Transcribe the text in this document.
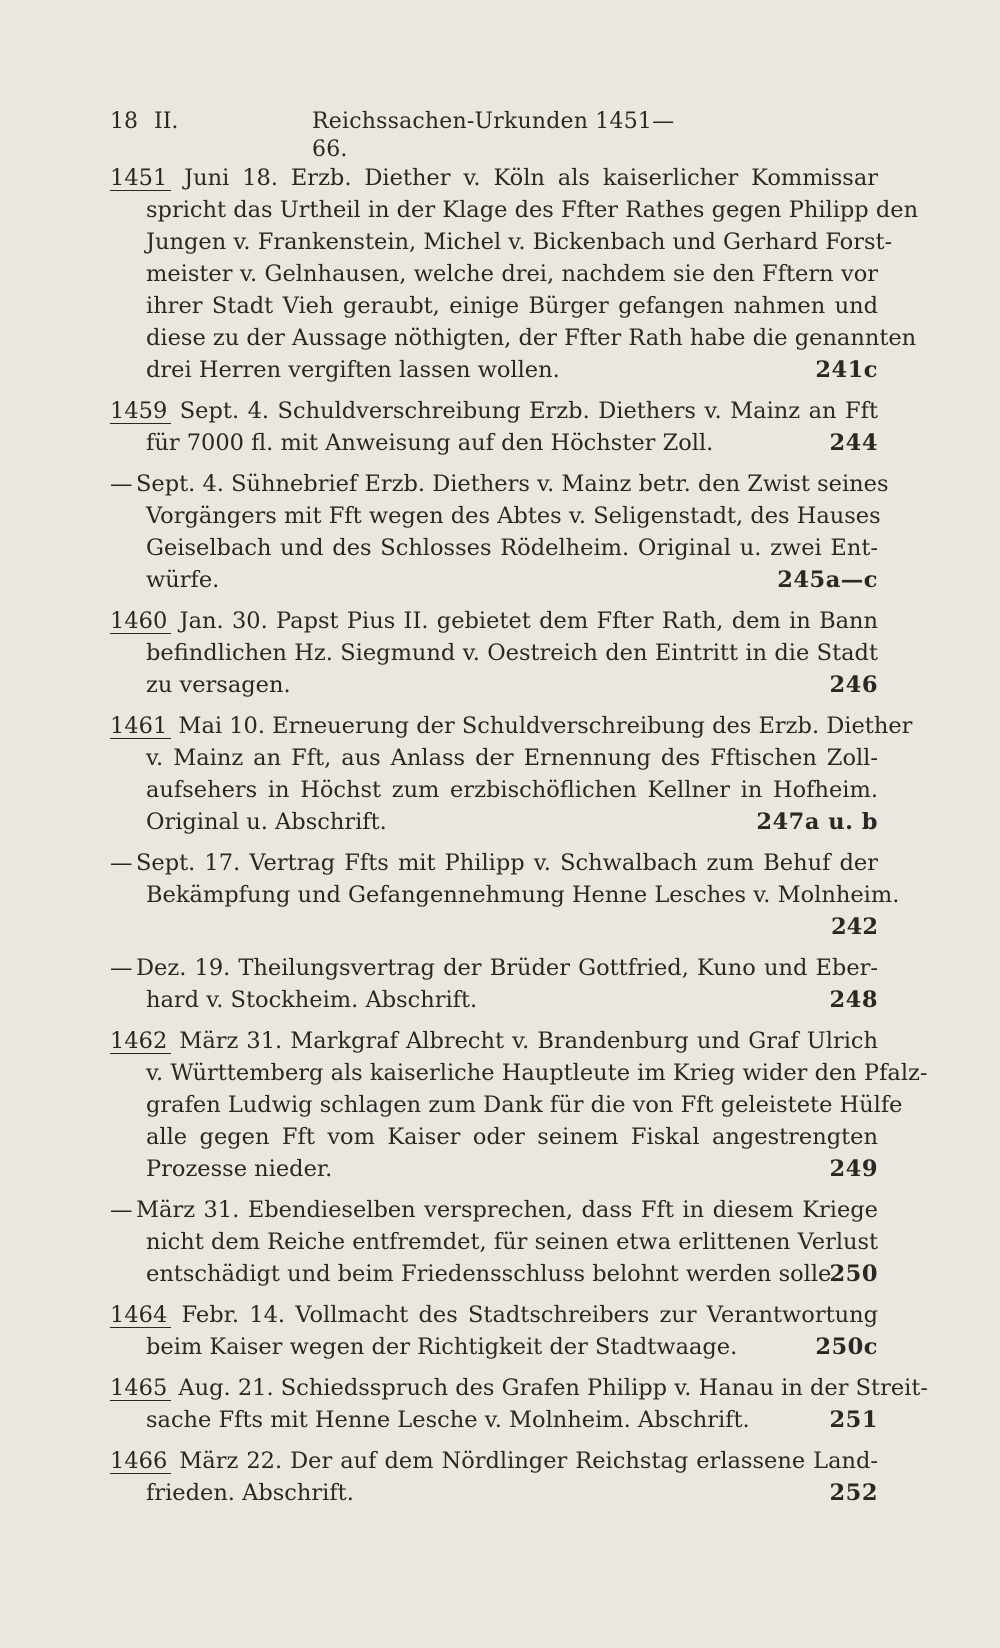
18 II.	Reichssachen-Urkunden 1451—66.
1451 Juni 18. Erzb. Diether v. Köln als kaiserlicher Kommissar
spricht das Urtheil in der Klage des Ffter Rathes gegen Philipp den
Jungen v. Frankenstein, Michel v. Bickenbach und Gerhard Forst-
meister v. Gelnhausen, welche drei, nachdem sie den Fftern vor
ihrer Stadt Vieh geraubt, einige Bürger gefangen nahmen und
diese zu der Aussage nöthigten, der Ffter Rath habe die genannten
drei Herren vergiften lassen wollen.	241c
1459 Sept. 4. Schuldverschreibung Erzb. Diethers v. Mainz an Fft
für 7000 fl. mit Anweisung auf den Höchster Zoll.	244
— Sept. 4. Sühnebrief Erzb. Diethers v. Mainz betr. den Zwist seines
Vorgängers mit Fft wegen des Abtes v. Seligenstadt, des Hauses
Geiselbach und des Schlosses Rödelheim. Original u. zwei Ent-
würfe.	245a—c
1460 Jan. 30. Papst Pius II. gebietet dem Ffter Rath, dem in Bann
befindlichen Hz. Siegmund v. Oestreich den Eintritt in die Stadt
zu versagen.	246
1461 Mai 10. Erneuerung der Schuldverschreibung des Erzb. Diether
v. Mainz an Fft, aus Anlass der Ernennung des Fftischen Zoll-
aufsehers in Höchst zum erzbischöflichen Kellner in Hofheim.
Original u. Abschrift.	247a u. b
— Sept. 17. Vertrag Ffts mit Philipp v. Schwalbach zum Behuf der
Bekämpfung und Gefangennehmung Henne Lesches v. Molnheim.
242
— Dez. 19. Theilungsvertrag der Brüder Gottfried, Kuno und Eber-
hard v. Stockheim. Abschrift.	248
1462 März 31. Markgraf Albrecht v. Brandenburg und Graf Ulrich
v. Württemberg als kaiserliche Hauptleute im Krieg wider den Pfalz-
grafen Ludwig schlagen zum Dank für die von Fft geleistete Hülfe
alle gegen Fft vom Kaiser oder seinem Fiskal angestrengten
Prozesse nieder.	249
— März 31. Ebendieselben versprechen, dass Fft in diesem Kriege
nicht dem Reiche entfremdet, für seinen etwa erlittenen Verlust
entschädigt und beim Friedensschluss belohnt werden solle.
250
1464 Febr. 14. Vollmacht des Stadtschreibers zur Verantwortung
beim Kaiser wegen der Richtigkeit der Stadtwaage.	250c
1465 Aug. 21. Schiedsspruch des Grafen Philipp v. Hanau in der Streit-
sache Ffts mit Henne Lesche v. Molnheim. Abschrift.	251
1466 März 22. Der auf dem Nördlinger Reichstag erlassene Land-
frieden. Abschrift.	252
